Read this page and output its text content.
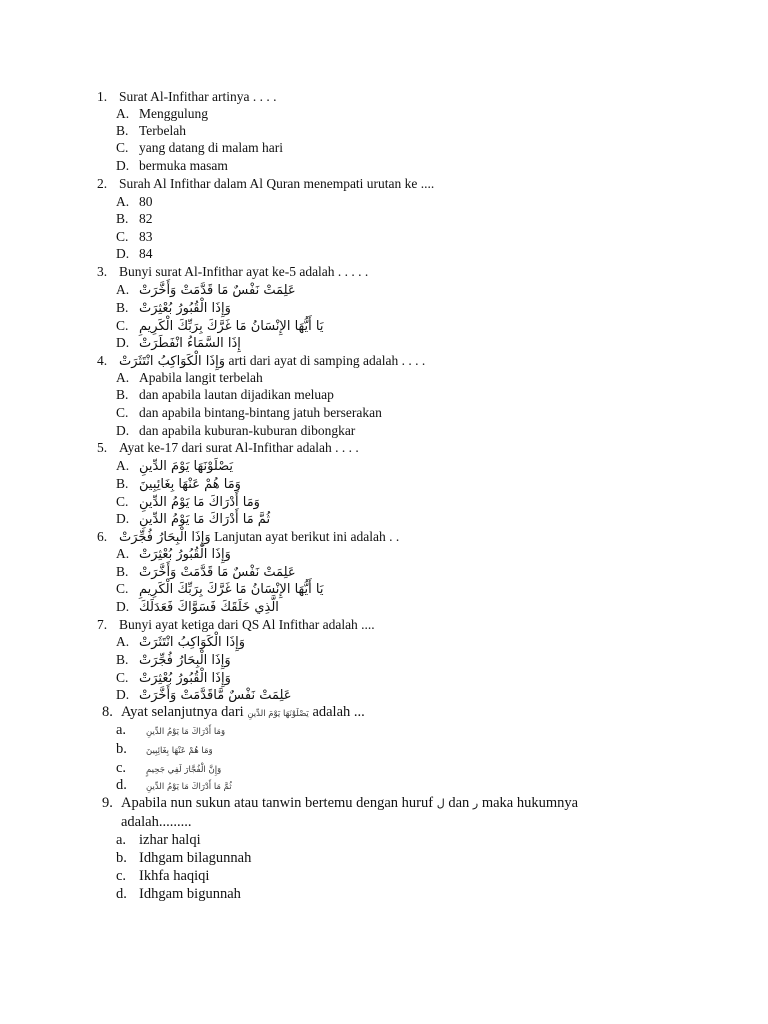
1. Surat Al-Infithar artinya . . . .
A. Menggulung
B. Terbelah
C. yang datang di malam hari
D. bermuka masam
2. Surah Al Infithar dalam Al Quran menempati urutan ke ....
A. 80
B. 82
C. 83
D. 84
3. Bunyi surat Al-Infithar ayat ke-5 adalah . . . . .
A. عَلِمَتْ نَفْسٌ مَا قَدَّمَتْ وَأَخَّرَتْ
B. وَإِذَا الْقُبُورُ بُعْثِرَتْ
C. يَا أَيُّهَا الإِنْسَانُ مَا غَرَّكَ بِرَبِّكَ الْكَرِيمِ
D. إِذَا السَّمَاءُ انْفَطَرَتْ
4. وَإِذَا الْكَوَاكِبُ انْتَثَرَتْ arti dari ayat di samping adalah . . . .
A. Apabila langit terbelah
B. dan apabila lautan dijadikan meluap
C. dan apabila bintang-bintang jatuh berserakan
D. dan apabila kuburan-kuburan dibongkar
5. Ayat ke-17 dari surat Al-Infithar adalah . . . .
A. يَصْلَوْنَهَا يَوْمَ الدِّينِ
B. وَمَا هُمْ عَنْهَا بِغَائِبِينَ
C. وَمَا أَدْرَاكَ مَا يَوْمُ الدِّينِ
D. ثُمَّ مَا أَدْرَاكَ مَا يَوْمُ الدِّينِ
6. وَإِذَا الْبِحَارُ فُجِّرَتْ Lanjutan ayat berikut ini adalah . .
A. وَإِذَا الْقُبُورُ بُعْثِرَتْ
B. عَلِمَتْ نَفْسٌ مَا قَدَّمَتْ وَأَخَّرَتْ
C. يَا أَيُّهَا الإِنْسَانُ مَا غَرَّكَ بِرَبِّكَ الْكَرِيمِ
D. الَّذِي خَلَقَكَ فَسَوَّاكَ فَعَدَلَكَ
7. Bunyi ayat ketiga dari QS Al Infithar adalah ....
A. وَإِذَا الْكَوَاكِبُ انْتَثَرَتْ
B. وَإِذَا الْبِحَارُ فُجِّرَتْ
C. وَإِذَا الْقُبُورُ بُعْثِرَتْ
D. عَلِمَتْ نَفْسٌ مَّاقَدَّمَتْ وَأَخَّرَتْ
8. Ayat selanjutnya dari يَصْلَوْنَهَا يَوْمَ الدِّينِ adalah ...
a. وَمَا أَدْرَاكَ مَا يَوْمُ الدِّينِ
b. وَمَا هُمْ عَنْهَا بِغَائِبِينَ
c. وَإِنَّ الْفُجَّارَ لَفِي جَحِيمٍ
d. ثُمَّ مَا أَدْرَاكَ مَا يَوْمُ الدِّينِ
9. Apabila nun sukun atau tanwin bertemu dengan huruf ل dan ر maka hukumnya
adalah.........
a. izhar halqi
b. Idhgam bilagunnah
c. Ikhfa haqiqi
d. Idhgam bigunnah
